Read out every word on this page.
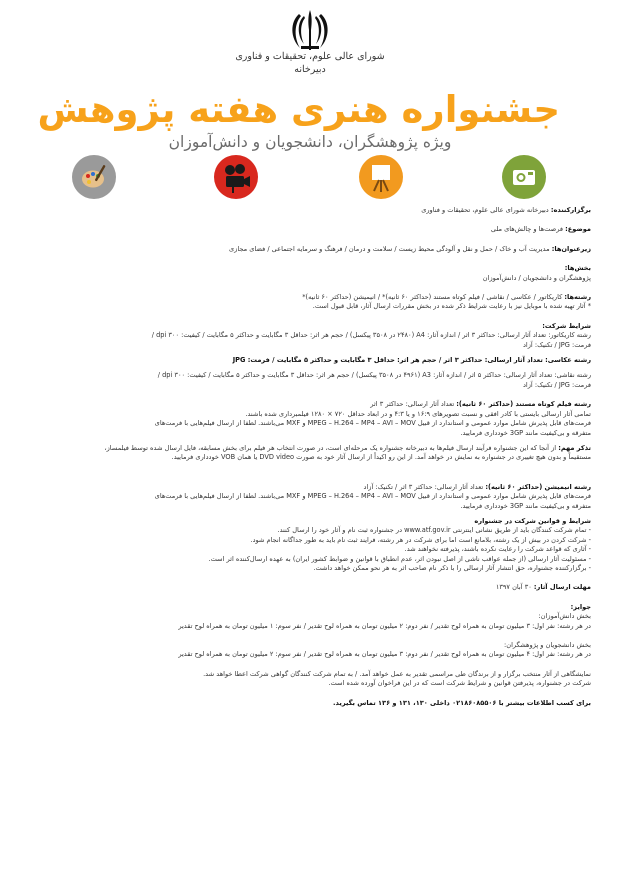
شورای عالی علوم، تحقیقات و فناوری
دبیرخانه
جشنواره هنری هفته پژوهش
ویژه پژوهشگران، دانشجویان و دانش‌آموزان

برگزارکننده: دبیرخانه شورای عالی علوم، تحقیقات و فناوری

موضوع: فرصت‌ها و چالش‌های ملی

زیرعنوان‌ها: مدیریت آب و خاک / حمل و نقل و آلودگی محیط زیست / سلامت و درمان / فرهنگ و سرمایه اجتماعی / فضای مجازی

بخش‌ها:

پژوهشگران و دانشجویان / دانش‌آموزان

رشته‌ها: کاریکاتور / عکاسی / نقاشی / فیلم کوتاه مستند (حداکثر ۶۰ ثانیه)* / انیمیشن (حداکثر ۶۰ ثانیه)*

* آثار تهیه شده با موبایل نیز با رعایت شرایط ذکر شده در بخش مقررات ارسال آثار، قابل قبول است.

شرایط شرکت:

رشته کاریکاتور: تعداد آثار ارسالی: حداکثر ۳ اثر / اندازه آثار: A4 (۲۴۸۰ در ۳۵۰۸ پیکسل) / حجم هر اثر: حداقل ۳ مگابایت و حداکثر ۵ مگابایت / کیفیت: dpi ۳۰۰ /

فرمت: JPG / تکنیک: آزاد

رشته عکاسی: تعداد آثار ارسالی: حداکثر ۳ اثر / حجم هر اثر: حداقل ۳ مگابایت و حداکثر ۵ مگابایت / فرمت: JPG

رشته نقاشی: تعداد آثار ارسالی: حداکثر ۵ اثر / اندازه آثار: A3 (۴۹۶۱ در ۳۵۰۸ پیکسل) / حجم هر اثر: حداقل ۳ مگابایت و حداکثر ۵ مگابایت / کیفیت: dpi ۳۰۰ /

فرمت: JPG / تکنیک: آزاد

رشته فیلم کوتاه مستند (حداکثر ۶۰ ثانیه): تعداد آثار ارسالی: حداکثر ۳ اثر

تمامی آثار ارسالی بایستی با کادر افقی و نسبت تصویرهای ۱۶:۹ و یا ۴:۳ و در ابعاد حداقل ۷۲۰ × ۱۲۸۰ فیلمبرداری شده باشند.

فرمت‌های قابل پذیرش شامل موارد عمومی و استاندارد از قبیل MPEG – H.264 – MP4 – AVI – MOV و MXF می‌باشند. لطفا از ارسال فیلم‌هایی با فرمت‌های

متفرقه و بی‌کیفیت مانند 3GP خودداری فرمایید.

تذکر مهم: از آنجا که این جشنواره فرآیند ارسال فیلم‌ها به دبیرخانه جشنواره یک مرحله‌ای است، در صورت انتخاب هر فیلم برای بخش مسابقه، فایل ارسال شده توسط فیلمساز،

مستقیماً و بدون هیچ تغییری در جشنواره به نمایش در خواهد آمد. از این رو اکیداً از ارسال آثار خود به صورت DVD video یا همان VOB خودداری فرمایید.

رشته انیمیشن (حداکثر ۶۰ ثانیه): تعداد آثار ارسالی: حداکثر ۳ اثر / تکنیک: آزاد

فرمت‌های قابل پذیرش شامل موارد عمومی و استاندارد از قبیل MPEG – H.264 – MP4 – AVI – MOV و MXF می‌باشند. لطفا از ارسال فیلم‌هایی با فرمت‌های

متفرقه و بی‌کیفیت مانند 3GP خودداری فرمایید.

شرایط و قوانین شرکت در جشنواره

- تمام شرکت کنندگان باید از طریق نشانی اینترنتی www.atf.gov.ir در جشنواره ثبت نام و آثار خود را ارسال کنند.

- شرکت کردن در بیش از یک رشته، بلامانع است اما برای شرکت در هر رشته، فرایند ثبت نام باید به طور جداگانه انجام شود.

- آثاری که قواعد شرکت را رعایت نکرده باشند، پذیرفته نخواهند شد.

- مسئولیت آثار ارسالی (از جمله عواقب ناشی از اصل نبودن اثر، عدم انطباق با قوانین و ضوابط کشور ایران) به عهده ارسال‌کننده اثر است.

- برگزارکننده جشنواره، حق انتشار آثار ارسالی را با ذکر نام صاحب اثر به هر نحو ممکن خواهد داشت.

مهلت ارسال آثار: ۳۰ آبان ۱۳۹۷

جوایز:

بخش دانش‌آموزان:

در هر رشته: نفر اول: ۳ میلیون تومان به همراه لوح تقدیر / نفر دوم: ۲ میلیون تومان به همراه لوح تقدیر / نفر سوم: ۱ میلیون تومان به همراه لوح تقدیر

بخش دانشجویان و پژوهشگران:

در هر رشته: نفر اول: ۴ میلیون تومان به همراه لوح تقدیر / نفر دوم: ۳ میلیون تومان به همراه لوح تقدیر / نفر سوم: ۲ میلیون تومان به همراه لوح تقدیر

نمایشگاهی از آثار منتخب برگزار و از برندگان طی مراسمی تقدیر به عمل خواهد آمد. / به تمام شرکت کنندگان گواهی شرکت اعطا خواهد شد.

شرکت در جشنواره، پذیرفتن قوانین و شرایط شرکت است که در این فراخوان آورده شده است.

برای کسب اطلاعات بیشتر با ۰۲۱۸۶۰۸۵۵۰۶ داخلی ۱۳۰، ۱۳۱ و ۱۳۶ تماس بگیرید.
